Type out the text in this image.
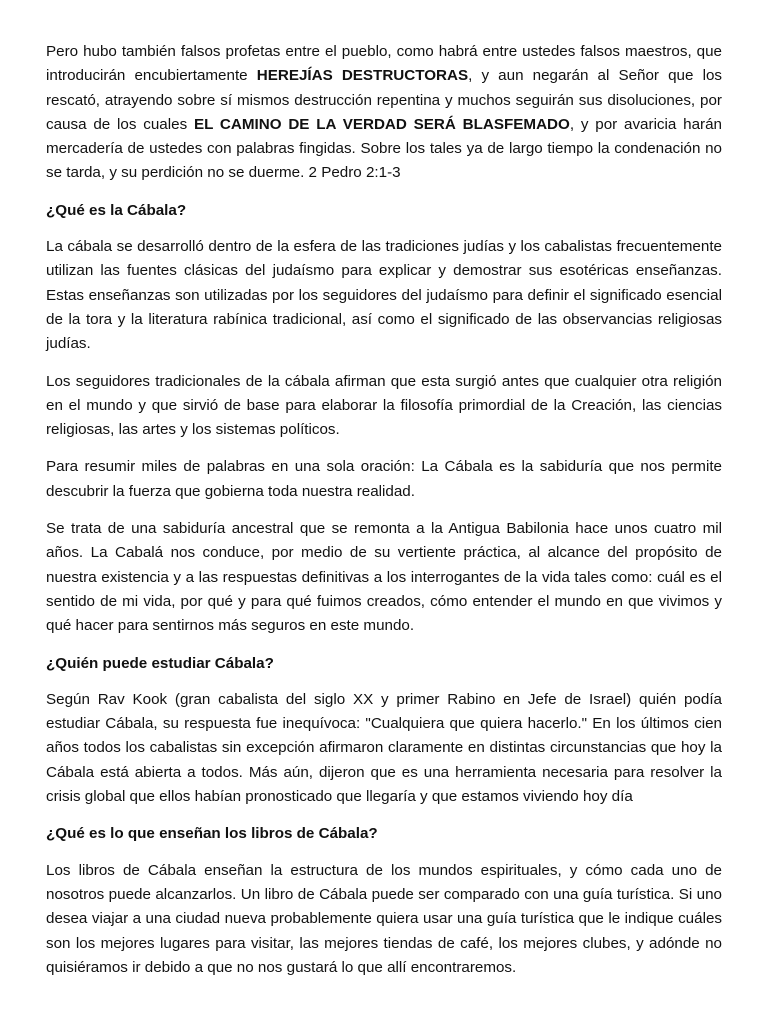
Pero hubo también falsos profetas entre el pueblo, como habrá entre ustedes falsos maestros, que introducirán encubiertamente HEREJÍAS DESTRUCTORAS, y aun negarán al Señor que los rescató, atrayendo sobre sí mismos destrucción repentina y muchos seguirán sus disoluciones, por causa de los cuales EL CAMINO DE LA VERDAD SERÁ BLASFEMADO, y por avaricia harán mercadería de ustedes con palabras fingidas. Sobre los tales ya de largo tiempo la condenación no se tarda, y su perdición no se duerme. 2 Pedro 2:1-3

¿Qué es la Cábala?

La cábala se desarrolló dentro de la esfera de las tradiciones judías y los cabalistas frecuentemente utilizan las fuentes clásicas del judaísmo para explicar y demostrar sus esotéricas enseñanzas. Estas enseñanzas son utilizadas por los seguidores del judaísmo para definir el significado esencial de la tora y la literatura rabínica tradicional, así como el significado de las observancias religiosas judías.

Los seguidores tradicionales de la cábala afirman que esta surgió antes que cualquier otra religión en el mundo y que sirvió de base para elaborar la filosofía primordial de la Creación, las ciencias religiosas, las artes y los sistemas políticos.

Para resumir miles de palabras en una sola oración: La Cábala es la sabiduría que nos permite descubrir la fuerza que gobierna toda nuestra realidad.

Se trata de una sabiduría ancestral que se remonta a la Antigua Babilonia hace unos cuatro mil años. La Cabalá nos conduce, por medio de su vertiente práctica, al alcance del propósito de nuestra existencia y a las respuestas definitivas a los interrogantes de la vida tales como: cuál es el sentido de mi vida, por qué y para qué fuimos creados, cómo entender el mundo en que vivimos y qué hacer para sentirnos más seguros en este mundo.

¿Quién puede estudiar Cábala?

Según Rav Kook (gran cabalista del siglo XX y primer Rabino en Jefe de Israel) quién podía estudiar Cábala, su respuesta fue inequívoca: "Cualquiera que quiera hacerlo." En los últimos cien años todos los cabalistas sin excepción afirmaron claramente en distintas circunstancias que hoy la Cábala está abierta a todos. Más aún, dijeron que es una herramienta necesaria para resolver la crisis global que ellos habían pronosticado que llegaría y que estamos viviendo hoy día

¿Qué es lo que enseñan los libros de Cábala?

Los libros de Cábala enseñan la estructura de los mundos espirituales, y cómo cada uno de nosotros puede alcanzarlos. Un libro de Cábala puede ser comparado con una guía turística. Si uno desea viajar a una ciudad nueva probablemente quiera usar una guía turística que le indique cuáles son los mejores lugares para visitar, las mejores tiendas de café, los mejores clubes, y adónde no quisiéramos ir debido a que no nos gustará lo que allí encontraremos.
